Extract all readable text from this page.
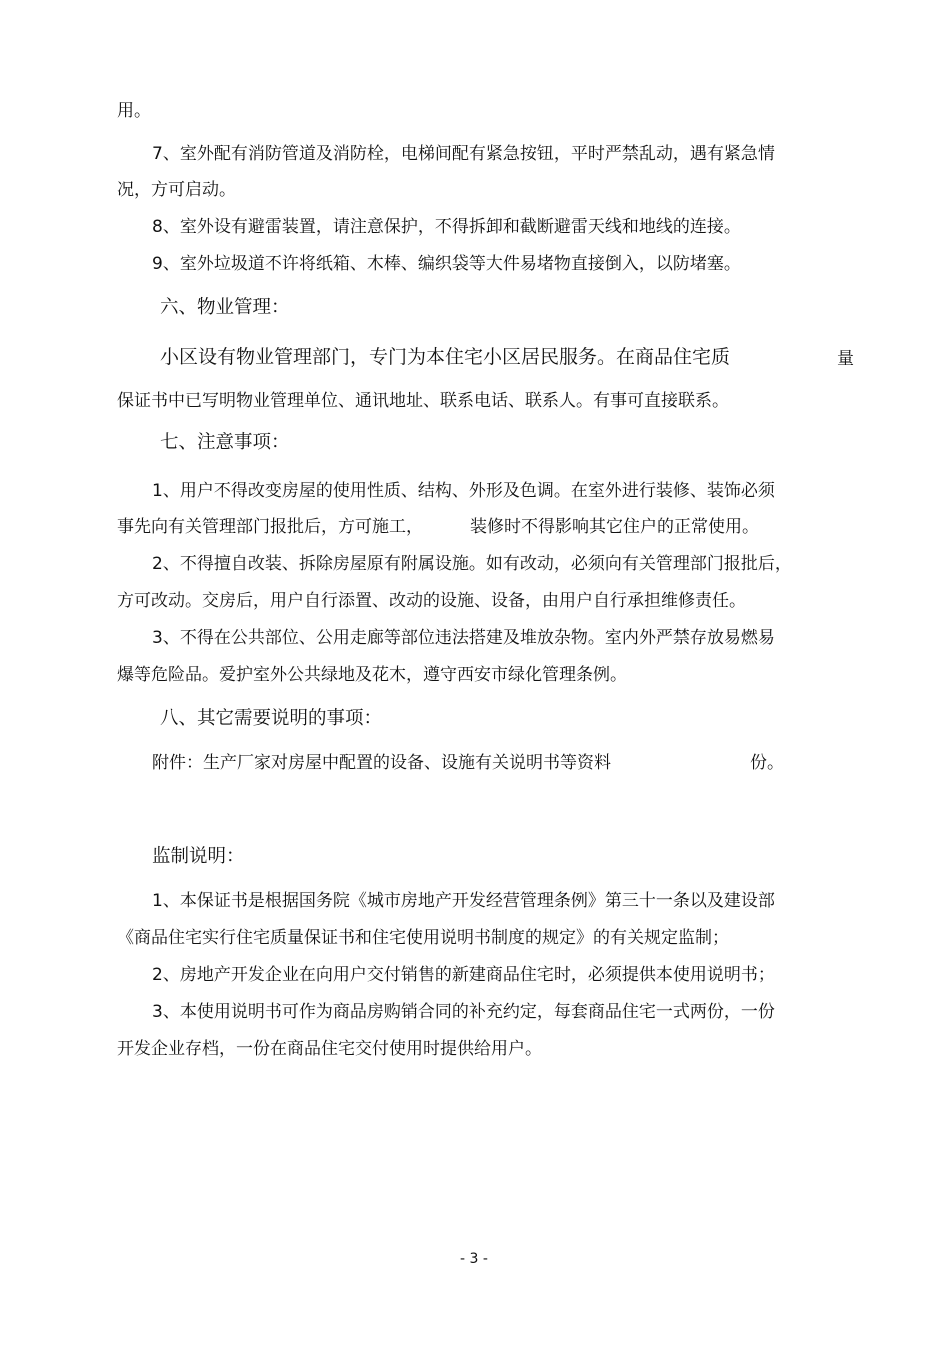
用。
7、室外配有消防管道及消防栓，电梯间配有紧急按钮，平时严禁乱动，遇有紧急情
况，方可启动。
8、室外设有避雷装置，请注意保护，不得拆卸和截断避雷天线和地线的连接。
9、室外垃圾道不许将纸箱、木棒、编织袋等大件易堵物直接倒入，以防堵塞。
六、物业管理：
小区设有物业管理部门，专门为本住宅小区居民服务。在商品住宅质	量
保证书中已写明物业管理单位、通讯地址、联系电话、联系人。有事可直接联系。
七、注意事项：
1、用户不得改变房屋的使用性质、结构、外形及色调。在室外进行装修、装饰必须
事先向有关管理部门报批后，方可施工，	装修时不得影响其它住户的正常使用。
2、不得擅自改装、拆除房屋原有附属设施。如有改动，必须向有关管理部门报批后，
方可改动。交房后，用户自行添置、改动的设施、设备，由用户自行承担维修责任。
3、不得在公共部位、公用走廊等部位违法搭建及堆放杂物。室内外严禁存放易燃易
爆等危险品。爱护室外公共绿地及花木，遵守西安市绿化管理条例。
八、其它需要说明的事项：
附件：生产厂家对房屋中配置的设备、设施有关说明书等资料	份。
监制说明：
1、本保证书是根据国务院《城市房地产开发经营管理条例》第三十一条以及建设部
《商品住宅实行住宅质量保证书和住宅使用说明书制度的规定》的有关规定监制；
2、房地产开发企业在向用户交付销售的新建商品住宅时，必须提供本使用说明书；
3、本使用说明书可作为商品房购销合同的补充约定，每套商品住宅一式两份，一份
开发企业存档，一份在商品住宅交付使用时提供给用户。
- 3 -
